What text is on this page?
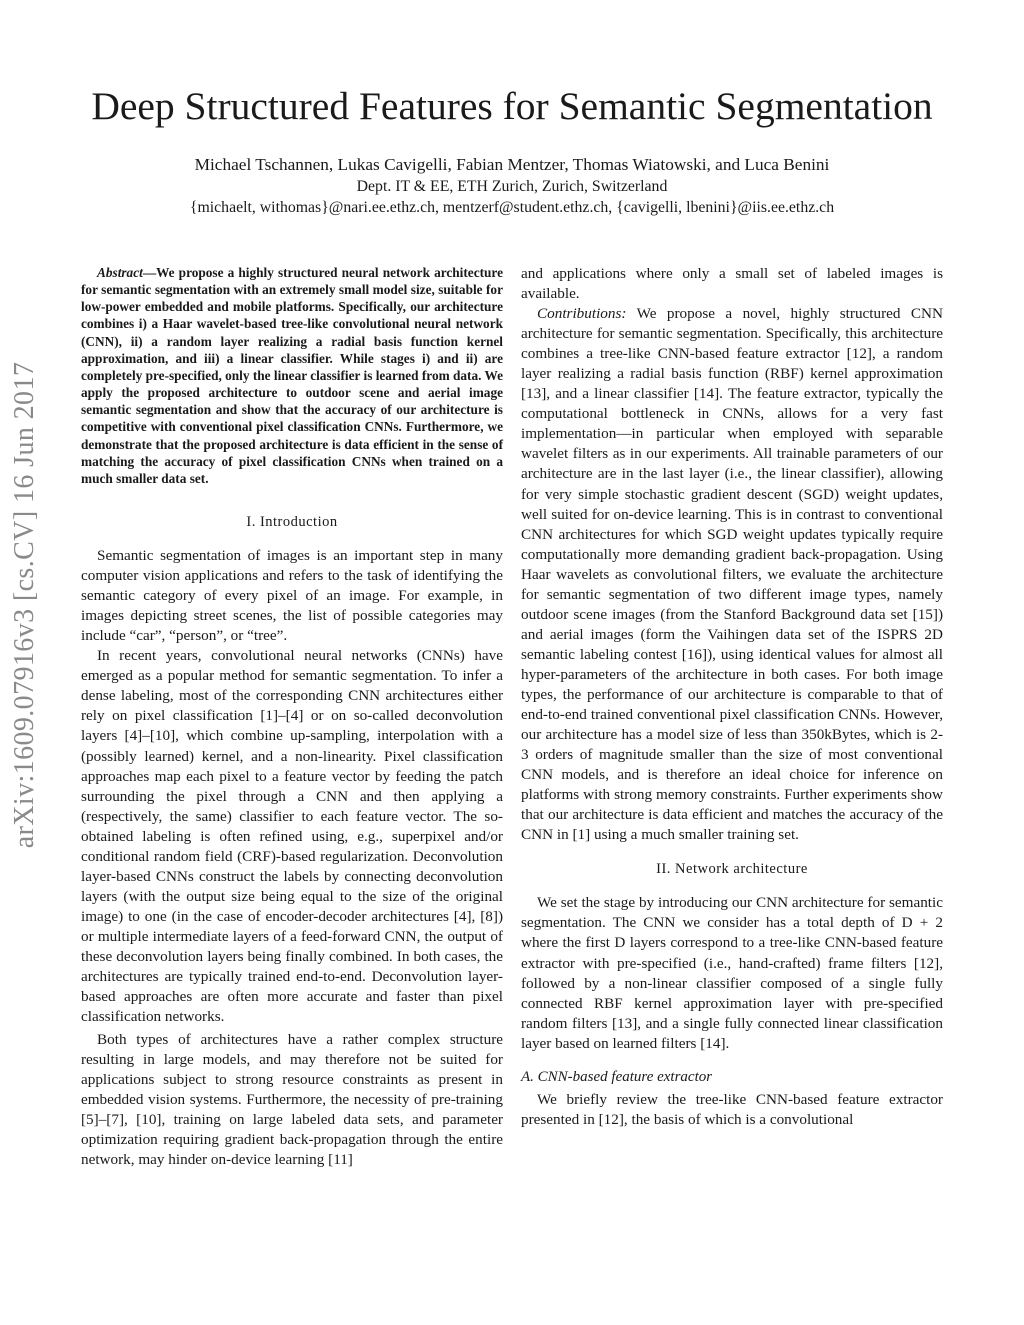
arXiv:1609.07916v3 [cs.CV] 16 Jun 2017
Deep Structured Features for Semantic Segmentation
Michael Tschannen, Lukas Cavigelli, Fabian Mentzer, Thomas Wiatowski, and Luca Benini
Dept. IT & EE, ETH Zurich, Zurich, Switzerland
{michaelt, withomas}@nari.ee.ethz.ch, mentzerf@student.ethz.ch, {cavigelli, lbenini}@iis.ee.ethz.ch

Abstract—We propose a highly structured neural network architecture for semantic segmentation with an extremely small model size, suitable for low-power embedded and mobile platforms. Specifically, our architecture combines i) a Haar wavelet-based tree-like convolutional neural network (CNN), ii) a random layer realizing a radial basis function kernel approximation, and iii) a linear classifier. While stages i) and ii) are completely pre-specified, only the linear classifier is learned from data. We apply the proposed architecture to outdoor scene and aerial image semantic segmentation and show that the accuracy of our architecture is competitive with conventional pixel classification CNNs. Furthermore, we demonstrate that the proposed architecture is data efficient in the sense of matching the accuracy of pixel classification CNNs when trained on a much smaller data set.

I. Introduction

Semantic segmentation of images is an important step in many computer vision applications and refers to the task of identifying the semantic category of every pixel of an image. For example, in images depicting street scenes, the list of possible categories may include “car”, “person”, or “tree”.

In recent years, convolutional neural networks (CNNs) have emerged as a popular method for semantic segmentation. To infer a dense labeling, most of the corresponding CNN architectures either rely on pixel classification [1]–[4] or on so-called deconvolution layers [4]–[10], which combine up-sampling, interpolation with a (possibly learned) kernel, and a non-linearity. Pixel classification approaches map each pixel to a feature vector by feeding the patch surrounding the pixel through a CNN and then applying a (respectively, the same) classifier to each feature vector. The so-obtained labeling is often refined using, e.g., superpixel and/or conditional random field (CRF)-based regularization. Deconvolution layer-based CNNs construct the labels by connecting deconvolution layers (with the output size being equal to the size of the original image) to one (in the case of encoder-decoder architectures [4], [8]) or multiple intermediate layers of a feed-forward CNN, the output of these deconvolution layers being finally combined. In both cases, the architectures are typically trained end-to-end. Deconvolution layer-based approaches are often more accurate and faster than pixel classification networks.

Both types of architectures have a rather complex structure resulting in large models, and may therefore not be suited for applications subject to strong resource constraints as present in embedded vision systems. Furthermore, the necessity of pre-training [5]–[7], [10], training on large labeled data sets, and parameter optimization requiring gradient back-propagation through the entire network, may hinder on-device learning [11]

and applications where only a small set of labeled images is available.

Contributions: We propose a novel, highly structured CNN architecture for semantic segmentation. Specifically, this architecture combines a tree-like CNN-based feature extractor [12], a random layer realizing a radial basis function (RBF) kernel approximation [13], and a linear classifier [14]. The feature extractor, typically the computational bottleneck in CNNs, allows for a very fast implementation—in particular when employed with separable wavelet filters as in our experiments. All trainable parameters of our architecture are in the last layer (i.e., the linear classifier), allowing for very simple stochastic gradient descent (SGD) weight updates, well suited for on-device learning. This is in contrast to conventional CNN architectures for which SGD weight updates typically require computationally more demanding gradient back-propagation. Using Haar wavelets as convolutional filters, we evaluate the architecture for semantic segmentation of two different image types, namely outdoor scene images (from the Stanford Background data set [15]) and aerial images (form the Vaihingen data set of the ISPRS 2D semantic labeling contest [16]), using identical values for almost all hyper-parameters of the architecture in both cases. For both image types, the performance of our architecture is comparable to that of end-to-end trained conventional pixel classification CNNs. However, our architecture has a model size of less than 350kBytes, which is 2-3 orders of magnitude smaller than the size of most conventional CNN models, and is therefore an ideal choice for inference on platforms with strong memory constraints. Further experiments show that our architecture is data efficient and matches the accuracy of the CNN in [1] using a much smaller training set.

II. Network architecture

We set the stage by introducing our CNN architecture for semantic segmentation. The CNN we consider has a total depth of D + 2 where the first D layers correspond to a tree-like CNN-based feature extractor with pre-specified (i.e., hand-crafted) frame filters [12], followed by a non-linear classifier composed of a single fully connected RBF kernel approximation layer with pre-specified random filters [13], and a single fully connected linear classification layer based on learned filters [14].

A. CNN-based feature extractor

We briefly review the tree-like CNN-based feature extractor presented in [12], the basis of which is a convolutional
